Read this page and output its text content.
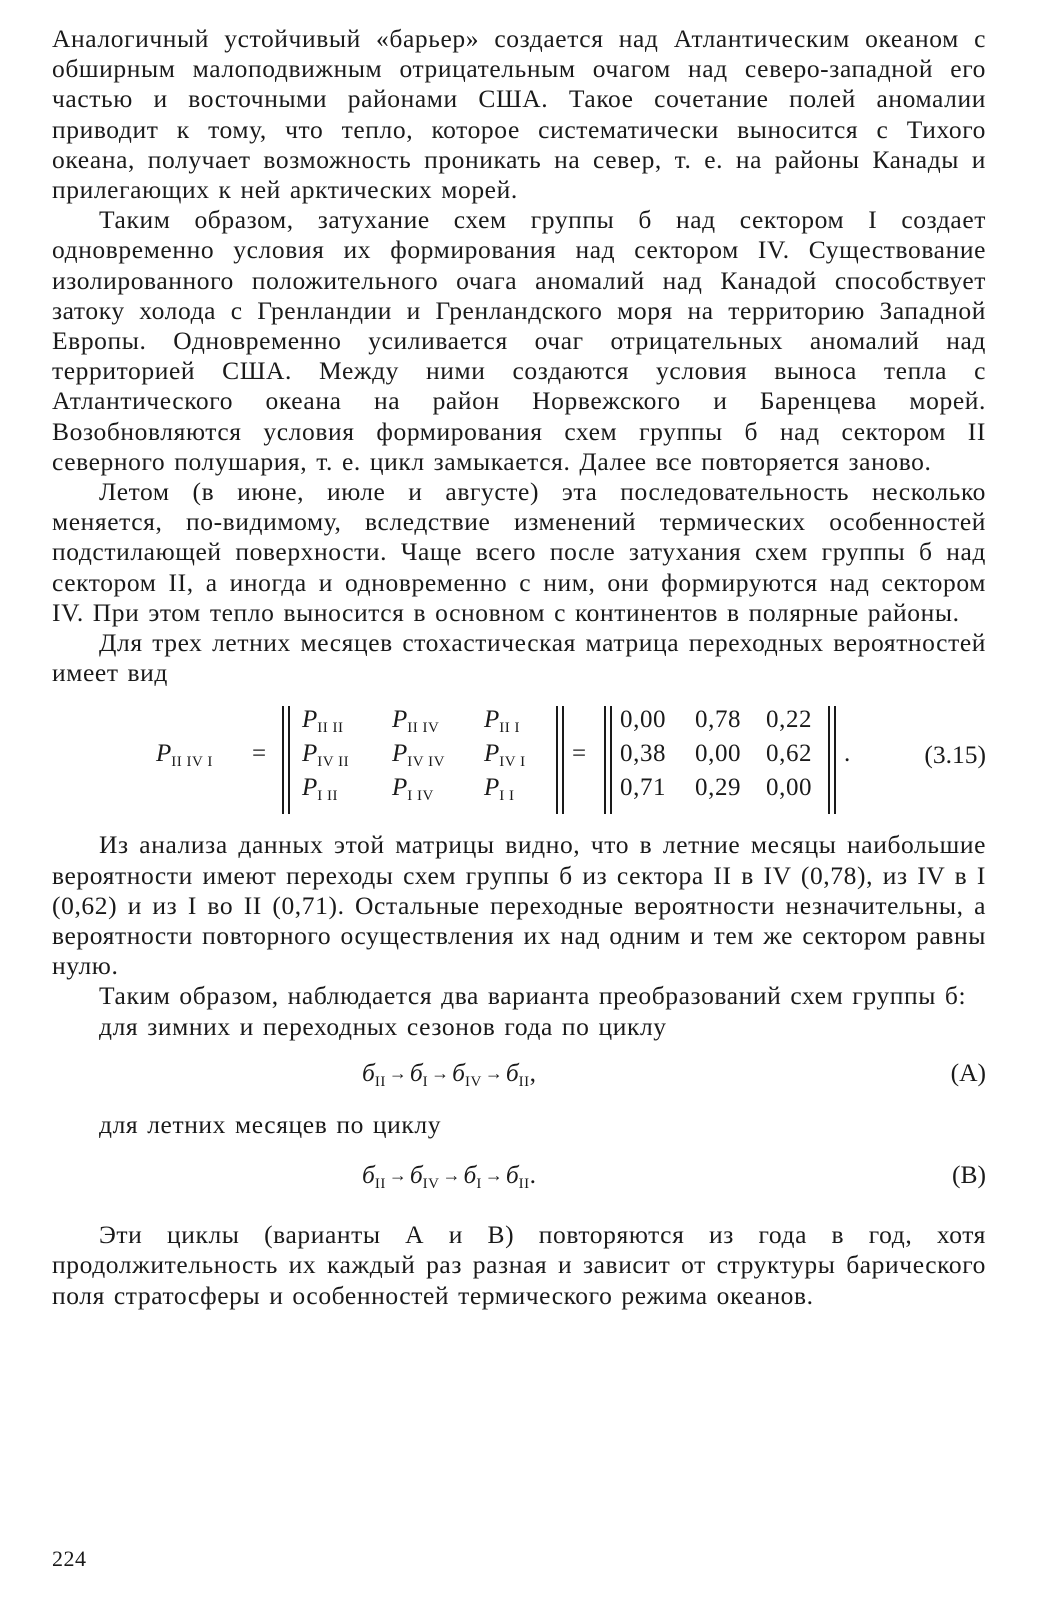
Аналогичный устойчивый «барьер» создается над Атлантическим океаном с обширным малоподвижным отрицательным очагом над северо-западной его частью и восточными районами США. Такое сочетание полей аномалии приводит к тому, что тепло, которое систематически выносится с Тихого океана, получает возможность проникать на север, т. е. на районы Канады и прилегающих к ней арктических морей.

Таким образом, затухание схем группы б над сектором I создает одновременно условия их формирования над сектором IV. Существование изолированного положительного очага аномалий над Канадой способствует затоку холода с Гренландии и Гренландского моря на территорию Западной Европы. Одновременно усиливается очаг отрицательных аномалий над территорией США. Между ними создаются условия выноса тепла с Атлантического океана на район Норвежского и Баренцева морей. Возобновляются условия формирования схем группы б над сектором II северного полушария, т. е. цикл замыкается. Далее все повторяется заново.

Летом (в июне, июле и августе) эта последовательность несколько меняется, по-видимому, вследствие изменений термических особенностей подстилающей поверхности. Чаще всего после затухания схем группы б над сектором II, а иногда и одновременно с ним, они формируются над сектором IV. При этом тепло выносится в основном с континентов в полярные районы.

Для трех летних месяцев стохастическая матрица переходных вероятностей имеет вид

$P_{II IV I}$ =
$P_{II II}$ $P_{II IV}$ $P_{II I}$
$P_{IV II}$ $P_{IV IV}$ $P_{IV I}$
$P_{I II}$ $P_{I IV}$ $P_{I I}$
=
0,00 0,78 0,22
0,38 0,00 0,62
0,71 0,29 0,00
.	(3.15)

Из анализа данных этой матрицы видно, что в летние месяцы наибольшие вероятности имеют переходы схем группы б из сектора II в IV (0,78), из IV в I (0,62) и из I во II (0,71). Остальные переходные вероятности незначительны, а вероятности повторного осуществления их над одним и тем же сектором равны нулю.

Таким образом, наблюдается два варианта преобразований схем группы б:

для зимних и переходных сезонов года по циклу

$б_{II} \to б_I \to б_{IV} \to б_{II}$,	(А)

для летних месяцев по циклу

$б_{II} \to б_{IV} \to б_I \to б_{II}$.	(В)

Эти циклы (варианты А и В) повторяются из года в год, хотя продолжительность их каждый раз разная и зависит от структуры барического поля стратосферы и особенностей термического режима океанов.

224
